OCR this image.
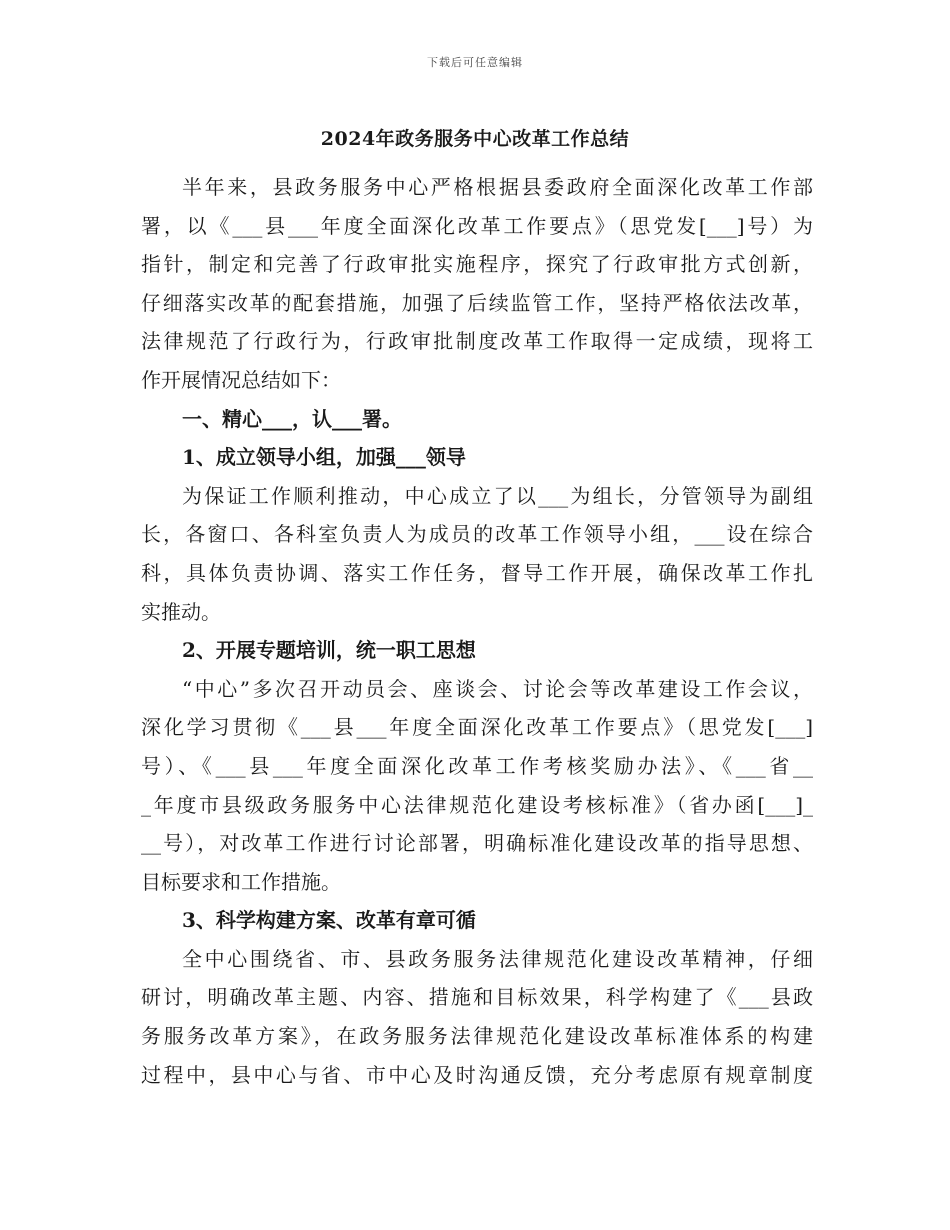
下载后可任意编辑
2024年政务服务中心改革工作总结
半年来，县政务服务中心严格根据县委政府全面深化改革工作部
署，以《___县___年度全面深化改革工作要点》（思党发[___]号）为
指针，制定和完善了行政审批实施程序，探究了行政审批方式创新，
仔细落实改革的配套措施，加强了后续监管工作，坚持严格依法改革，
法律规范了行政行为，行政审批制度改革工作取得一定成绩，现将工
作开展情况总结如下：
一、精心___，认___署。
1、成立领导小组，加强___领导
为保证工作顺利推动，中心成立了以___为组长，分管领导为副组
长，各窗口、各科室负责人为成员的改革工作领导小组，___设在综合
科，具体负责协调、落实工作任务，督导工作开展，确保改革工作扎
实推动。
2、开展专题培训，统一职工思想
“中心”多次召开动员会、座谈会、讨论会等改革建设工作会议，
深化学习贯彻《___县___年度全面深化改革工作要点》（思党发[___]
号）、《___县___年度全面深化改革工作考核奖励办法》、《___省__
_年度市县级政务服务中心法律规范化建设考核标准》（省办函[___]_
__号），对改革工作进行讨论部署，明确标准化建设改革的指导思想、
目标要求和工作措施。
3、科学构建方案、改革有章可循
全中心围绕省、市、县政务服务法律规范化建设改革精神，仔细
研讨，明确改革主题、内容、措施和目标效果，科学构建了《___县政
务服务改革方案》，在政务服务法律规范化建设改革标准体系的构建
过程中，县中心与省、市中心及时沟通反馈，充分考虑原有规章制度
